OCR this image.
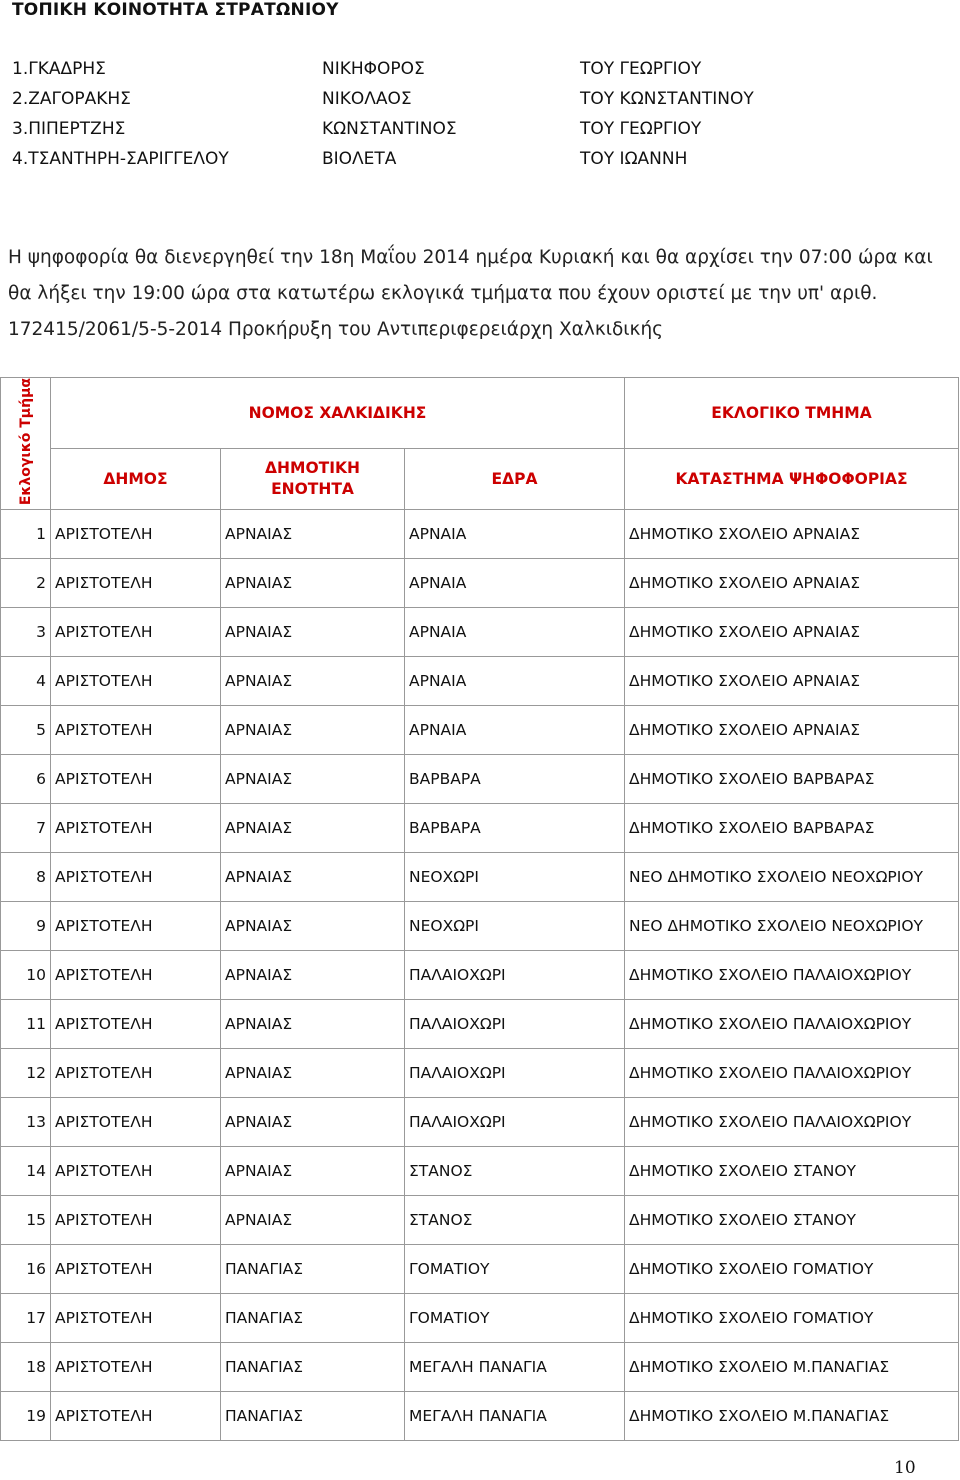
ΤΟΠΙΚΗ ΚΟΙΝΟΤΗΤΑ ΣΤΡΑΤΩΝΙΟΥ
1.ΓΚΑΔΡΗΣ	ΝΙΚΗΦΟΡΟΣ	ΤΟΥ ΓΕΩΡΓΙΟΥ
2.ΖΑΓΟΡΑΚΗΣ	ΝΙΚΟΛΑΟΣ	ΤΟΥ ΚΩΝΣΤΑΝΤΙΝΟΥ
3.ΠΙΠΕΡΤΖΗΣ	ΚΩΝΣΤΑΝΤΙΝΟΣ	ΤΟΥ ΓΕΩΡΓΙΟΥ
4.ΤΣΑΝΤΗΡΗ-ΣΑΡΙΓΓΕΛΟΥ	ΒΙΟΛΕΤΑ	ΤΟΥ ΙΩΑΝΝΗ
Η ψηφοφορία θα διενεργηθεί την 18η Μαΐου 2014 ημέρα Κυριακή και θα αρχίσει την 07:00 ώρα και θα λήξει την 19:00 ώρα στα κατωτέρω εκλογικά τμήματα που έχουν οριστεί με την υπ' αριθ. 172415/2061/5-5-2014 Προκήρυξη του Αντιπεριφερειάρχη Χαλκιδικής
Εκλογικό Τμήμα	ΝΟΜΟΣ ΧΑΛΚΙΔΙΚΗΣ			ΕΚΛΟΓΙΚΟ ΤΜΗΜΑ
	ΔΗΜΟΣ	ΔΗΜΟΤΙΚΗ ΕΝΟΤΗΤΑ	ΕΔΡΑ	ΚΑΤΑΣΤΗΜΑ ΨΗΦΟΦΟΡΙΑΣ
1	ΑΡΙΣΤΟΤΕΛΗ	ΑΡΝΑΙΑΣ	ΑΡΝΑΙΑ	ΔΗΜΟΤΙΚΟ ΣΧΟΛΕΙΟ ΑΡΝΑΙΑΣ
2	ΑΡΙΣΤΟΤΕΛΗ	ΑΡΝΑΙΑΣ	ΑΡΝΑΙΑ	ΔΗΜΟΤΙΚΟ ΣΧΟΛΕΙΟ ΑΡΝΑΙΑΣ
3	ΑΡΙΣΤΟΤΕΛΗ	ΑΡΝΑΙΑΣ	ΑΡΝΑΙΑ	ΔΗΜΟΤΙΚΟ ΣΧΟΛΕΙΟ ΑΡΝΑΙΑΣ
4	ΑΡΙΣΤΟΤΕΛΗ	ΑΡΝΑΙΑΣ	ΑΡΝΑΙΑ	ΔΗΜΟΤΙΚΟ ΣΧΟΛΕΙΟ ΑΡΝΑΙΑΣ
5	ΑΡΙΣΤΟΤΕΛΗ	ΑΡΝΑΙΑΣ	ΑΡΝΑΙΑ	ΔΗΜΟΤΙΚΟ ΣΧΟΛΕΙΟ ΑΡΝΑΙΑΣ
6	ΑΡΙΣΤΟΤΕΛΗ	ΑΡΝΑΙΑΣ	ΒΑΡΒΑΡΑ	ΔΗΜΟΤΙΚΟ ΣΧΟΛΕΙΟ ΒΑΡΒΑΡΑΣ
7	ΑΡΙΣΤΟΤΕΛΗ	ΑΡΝΑΙΑΣ	ΒΑΡΒΑΡΑ	ΔΗΜΟΤΙΚΟ ΣΧΟΛΕΙΟ ΒΑΡΒΑΡΑΣ
8	ΑΡΙΣΤΟΤΕΛΗ	ΑΡΝΑΙΑΣ	ΝΕΟΧΩΡΙ	ΝΕΟ ΔΗΜΟΤΙΚΟ ΣΧΟΛΕΙΟ ΝΕΟΧΩΡΙΟΥ
9	ΑΡΙΣΤΟΤΕΛΗ	ΑΡΝΑΙΑΣ	ΝΕΟΧΩΡΙ	ΝΕΟ ΔΗΜΟΤΙΚΟ ΣΧΟΛΕΙΟ ΝΕΟΧΩΡΙΟΥ
10	ΑΡΙΣΤΟΤΕΛΗ	ΑΡΝΑΙΑΣ	ΠΑΛΑΙΟΧΩΡΙ	ΔΗΜΟΤΙΚΟ ΣΧΟΛΕΙΟ ΠΑΛΑΙΟΧΩΡΙΟΥ
11	ΑΡΙΣΤΟΤΕΛΗ	ΑΡΝΑΙΑΣ	ΠΑΛΑΙΟΧΩΡΙ	ΔΗΜΟΤΙΚΟ ΣΧΟΛΕΙΟ ΠΑΛΑΙΟΧΩΡΙΟΥ
12	ΑΡΙΣΤΟΤΕΛΗ	ΑΡΝΑΙΑΣ	ΠΑΛΑΙΟΧΩΡΙ	ΔΗΜΟΤΙΚΟ ΣΧΟΛΕΙΟ ΠΑΛΑΙΟΧΩΡΙΟΥ
13	ΑΡΙΣΤΟΤΕΛΗ	ΑΡΝΑΙΑΣ	ΠΑΛΑΙΟΧΩΡΙ	ΔΗΜΟΤΙΚΟ ΣΧΟΛΕΙΟ ΠΑΛΑΙΟΧΩΡΙΟΥ
14	ΑΡΙΣΤΟΤΕΛΗ	ΑΡΝΑΙΑΣ	ΣΤΑΝΟΣ	ΔΗΜΟΤΙΚΟ ΣΧΟΛΕΙΟ ΣΤΑΝΟΥ
15	ΑΡΙΣΤΟΤΕΛΗ	ΑΡΝΑΙΑΣ	ΣΤΑΝΟΣ	ΔΗΜΟΤΙΚΟ ΣΧΟΛΕΙΟ ΣΤΑΝΟΥ
16	ΑΡΙΣΤΟΤΕΛΗ	ΠΑΝΑΓΙΑΣ	ΓΟΜΑΤΙΟΥ	ΔΗΜΟΤΙΚΟ ΣΧΟΛΕΙΟ ΓΟΜΑΤΙΟΥ
17	ΑΡΙΣΤΟΤΕΛΗ	ΠΑΝΑΓΙΑΣ	ΓΟΜΑΤΙΟΥ	ΔΗΜΟΤΙΚΟ ΣΧΟΛΕΙΟ ΓΟΜΑΤΙΟΥ
18	ΑΡΙΣΤΟΤΕΛΗ	ΠΑΝΑΓΙΑΣ	ΜΕΓΑΛΗ ΠΑΝΑΓΙΑ	ΔΗΜΟΤΙΚΟ ΣΧΟΛΕΙΟ Μ.ΠΑΝΑΓΙΑΣ
19	ΑΡΙΣΤΟΤΕΛΗ	ΠΑΝΑΓΙΑΣ	ΜΕΓΑΛΗ ΠΑΝΑΓΙΑ	ΔΗΜΟΤΙΚΟ ΣΧΟΛΕΙΟ Μ.ΠΑΝΑΓΙΑΣ
10
